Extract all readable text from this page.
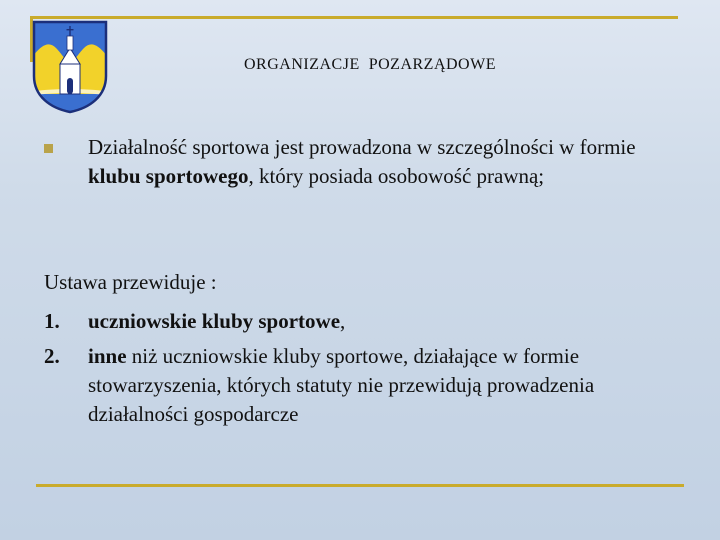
ORGANIZACJE  POZARZĄDOWE
Działalność sportowa jest prowadzona w szczególności w formie klubu sportowego, który posiada osobowość prawną;
Ustawa przewiduje :
1. uczniowskie kluby sportowe,
2. inne niż uczniowskie kluby sportowe, działające w formie stowarzyszenia, których statuty nie przewidują prowadzenia działalności gospodarcze
